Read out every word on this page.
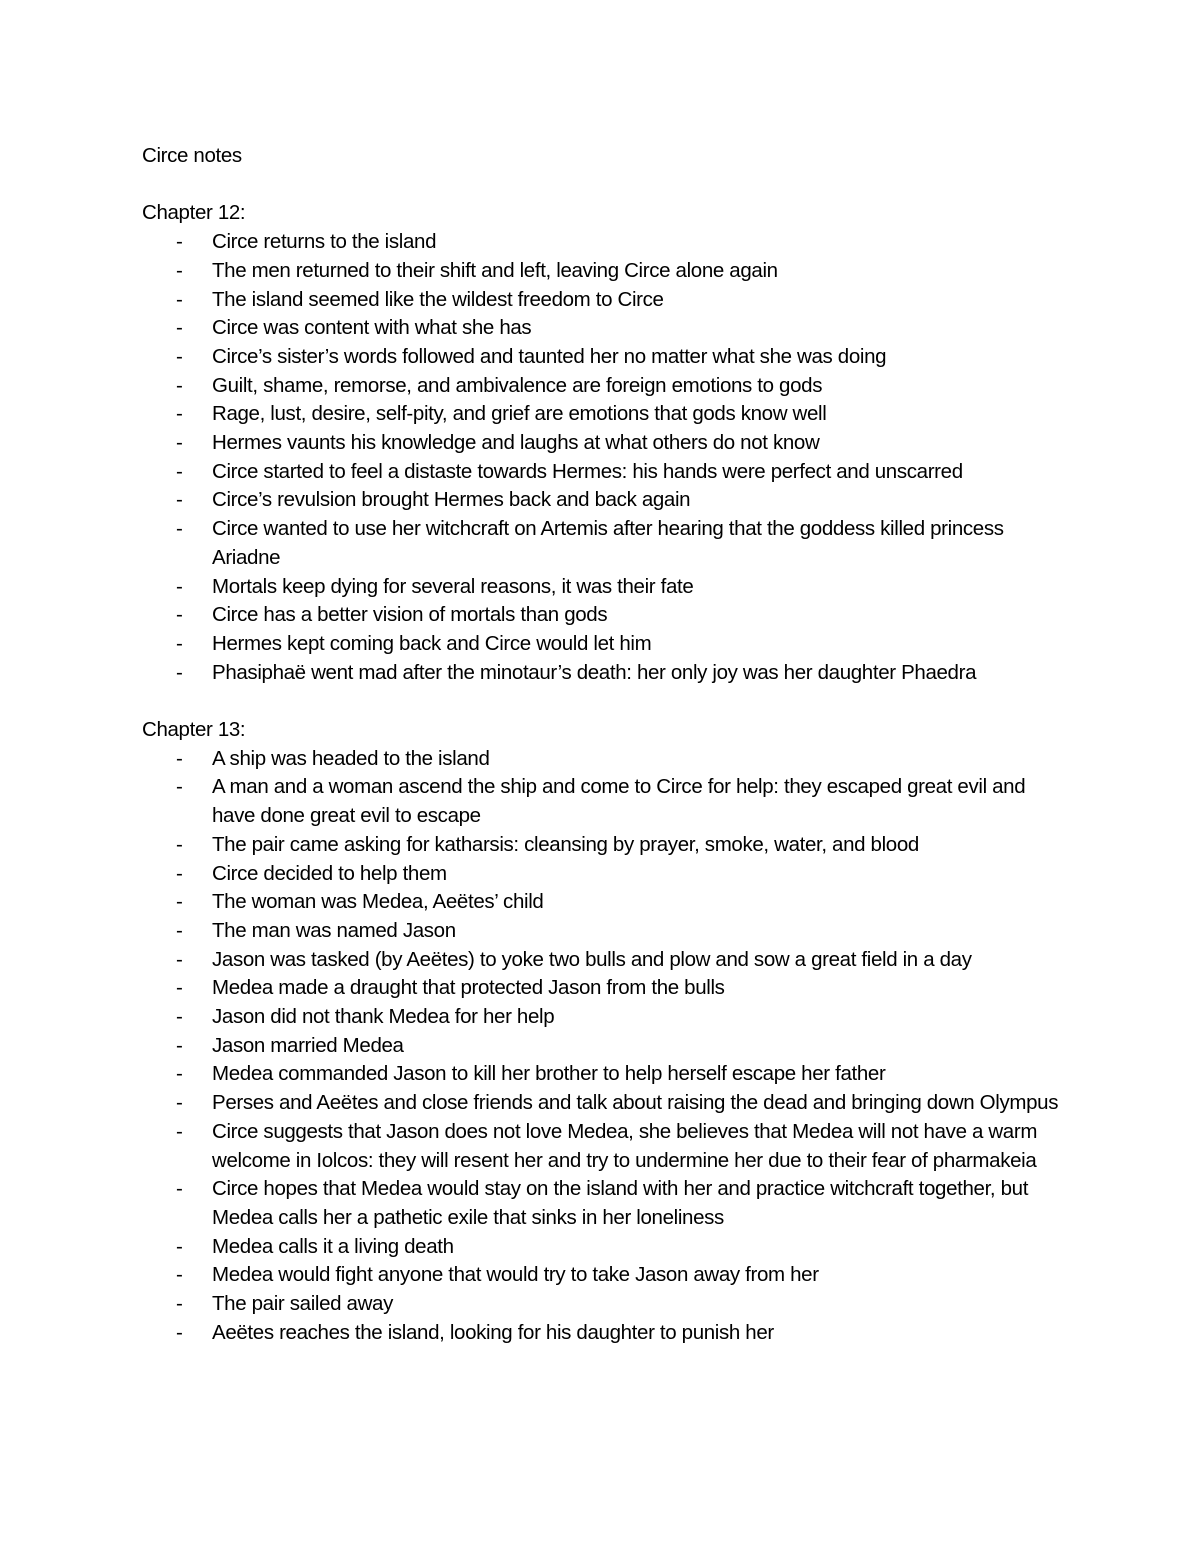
Circe notes
Chapter 12:
- Circe returns to the island
- The men returned to their shift and left, leaving Circe alone again
- The island seemed like the wildest freedom to Circe
- Circe was content with what she has
- Circe’s sister’s words followed and taunted her no matter what she was doing
- Guilt, shame, remorse, and ambivalence are foreign emotions to gods
- Rage, lust, desire, self-pity, and grief are emotions that gods know well
- Hermes vaunts his knowledge and laughs at what others do not know
- Circe started to feel a distaste towards Hermes: his hands were perfect and unscarred
- Circe’s revulsion brought Hermes back and back again
- Circe wanted to use her witchcraft on Artemis after hearing that the goddess killed princess Ariadne
- Mortals keep dying for several reasons, it was their fate
- Circe has a better vision of mortals than gods
- Hermes kept coming back and Circe would let him
- Phasiphaë went mad after the minotaur’s death: her only joy was her daughter Phaedra
Chapter 13:
- A ship was headed to the island
- A man and a woman ascend the ship and come to Circe for help: they escaped great evil and have done great evil to escape
- The pair came asking for katharsis: cleansing by prayer, smoke, water, and blood
- Circe decided to help them
- The woman was Medea, Aeëtes’ child
- The man was named Jason
- Jason was tasked (by Aeëtes) to yoke two bulls and plow and sow a great field in a day
- Medea made a draught that protected Jason from the bulls
- Jason did not thank Medea for her help
- Jason married Medea
- Medea commanded Jason to kill her brother to help herself escape her father
- Perses and Aeëtes and close friends and talk about raising the dead and bringing down Olympus
- Circe suggests that Jason does not love Medea, she believes that Medea will not have a warm welcome in Iolcos: they will resent her and try to undermine her due to their fear of pharmakeia
- Circe hopes that Medea would stay on the island with her and practice witchcraft together, but Medea calls her a pathetic exile that sinks in her loneliness
- Medea calls it a living death
- Medea would fight anyone that would try to take Jason away from her
- The pair sailed away
- Aeëtes reaches the island, looking for his daughter to punish her
